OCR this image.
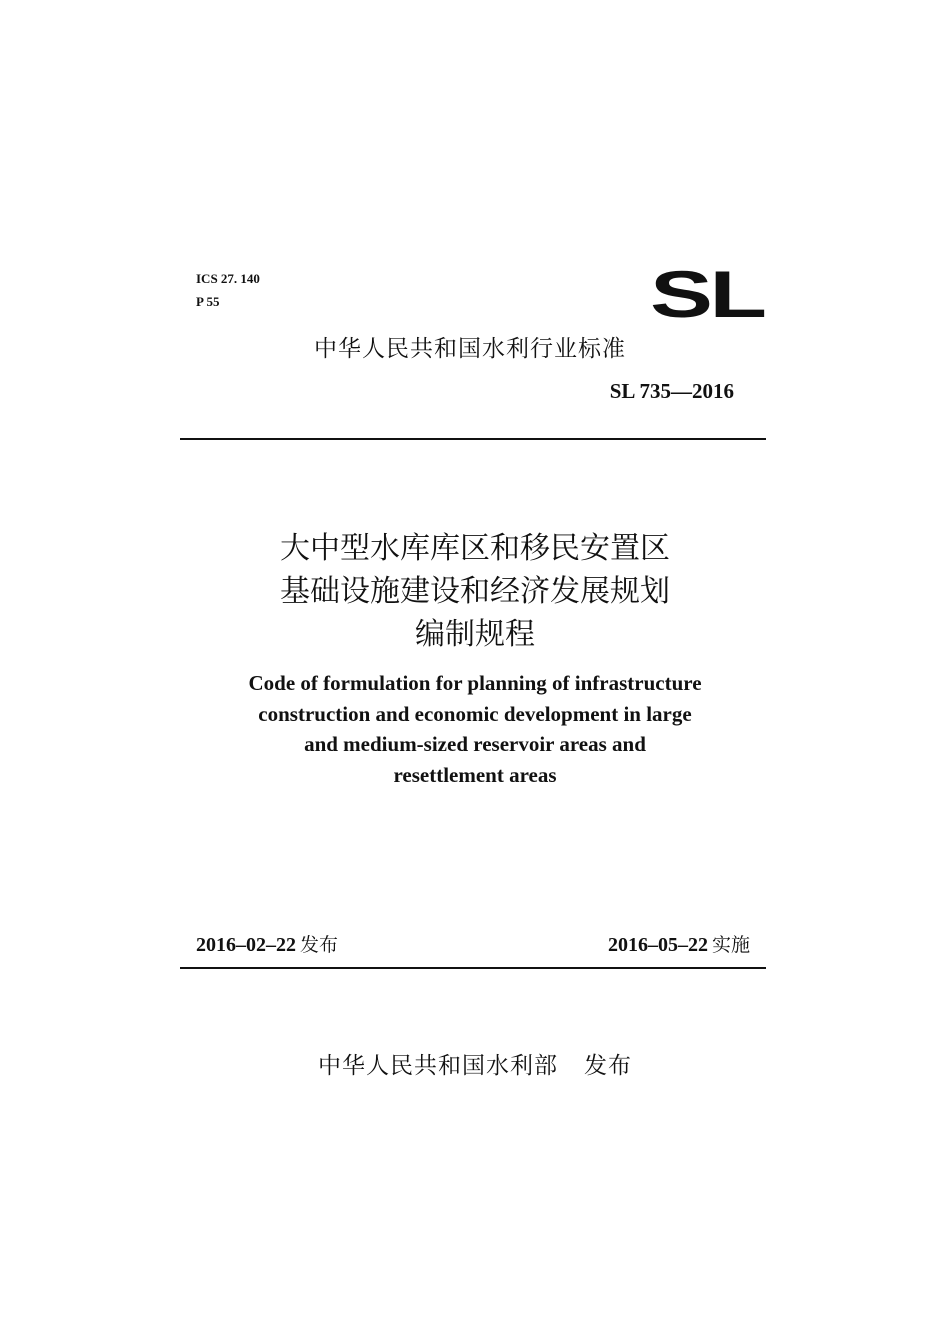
ICS 27. 140
P 55	SL
中华人民共和国水利行业标准
SL 735—2016
大中型水库库区和移民安置区
基础设施建设和经济发展规划
编制规程
Code of formulation for planning of infrastructure
construction and economic development in large
and medium-sized reservoir areas and
resettlement areas
2016–02–22 发布	2016–05–22 实施
中华人民共和国水利部 发布
